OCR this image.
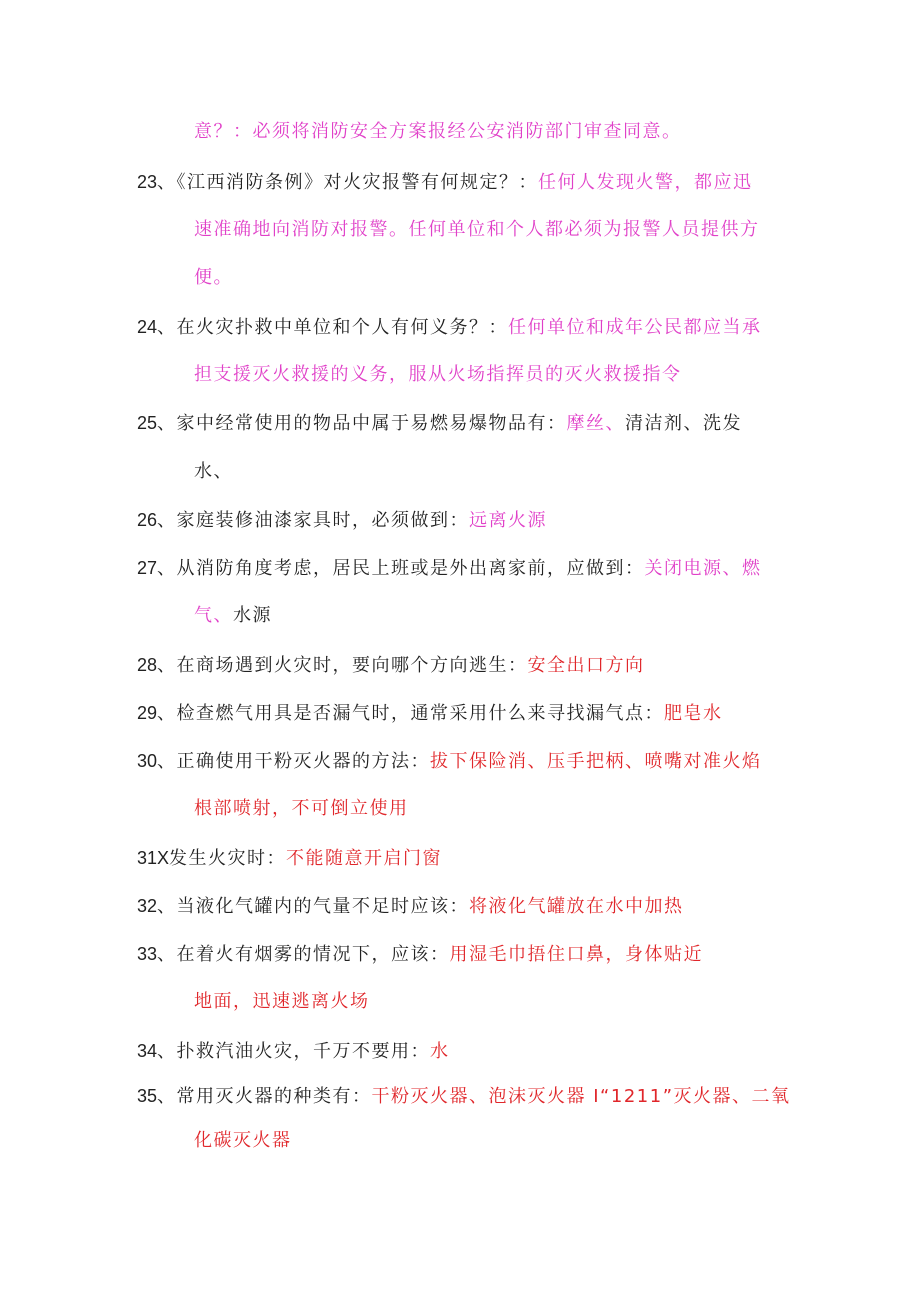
意？：必须将消防安全方案报经公安消防部门审查同意。
23、《江西消防条例》对火灾报警有何规定？：任何人发现火警，都应迅
速准确地向消防对报警。任何单位和个人都必须为报警人员提供方
便。
24、在火灾扑救中单位和个人有何义务？：任何单位和成年公民都应当承
担支援灭火救援的义务，服从火场指挥员的灭火救援指令
25、家中经常使用的物品中属于易燃易爆物品有：摩丝、清洁剂、洗发
水、
26、家庭装修油漆家具时，必须做到：远离火源
27、从消防角度考虑，居民上班或是外出离家前，应做到：关闭电源、燃
气、水源
28、在商场遇到火灾时，要向哪个方向逃生：安全出口方向
29、检查燃气用具是否漏气时，通常采用什么来寻找漏气点：肥皂水
30、正确使用干粉灭火器的方法：拔下保险消、压手把柄、喷嘴对准火焰
根部喷射，不可倒立使用
31X发生火灾时：不能随意开启门窗
32、当液化气罐内的气量不足时应该：将液化气罐放在水中加热
33、在着火有烟雾的情况下，应该：用湿毛巾捂住口鼻，身体贴近
地面，迅速逃离火场
34、扑救汽油火灾，千万不要用：水
35、常用灭火器的种类有：干粉灭火器、泡沫灭火器 I“1211”灭火器、二氧
化碳灭火器
